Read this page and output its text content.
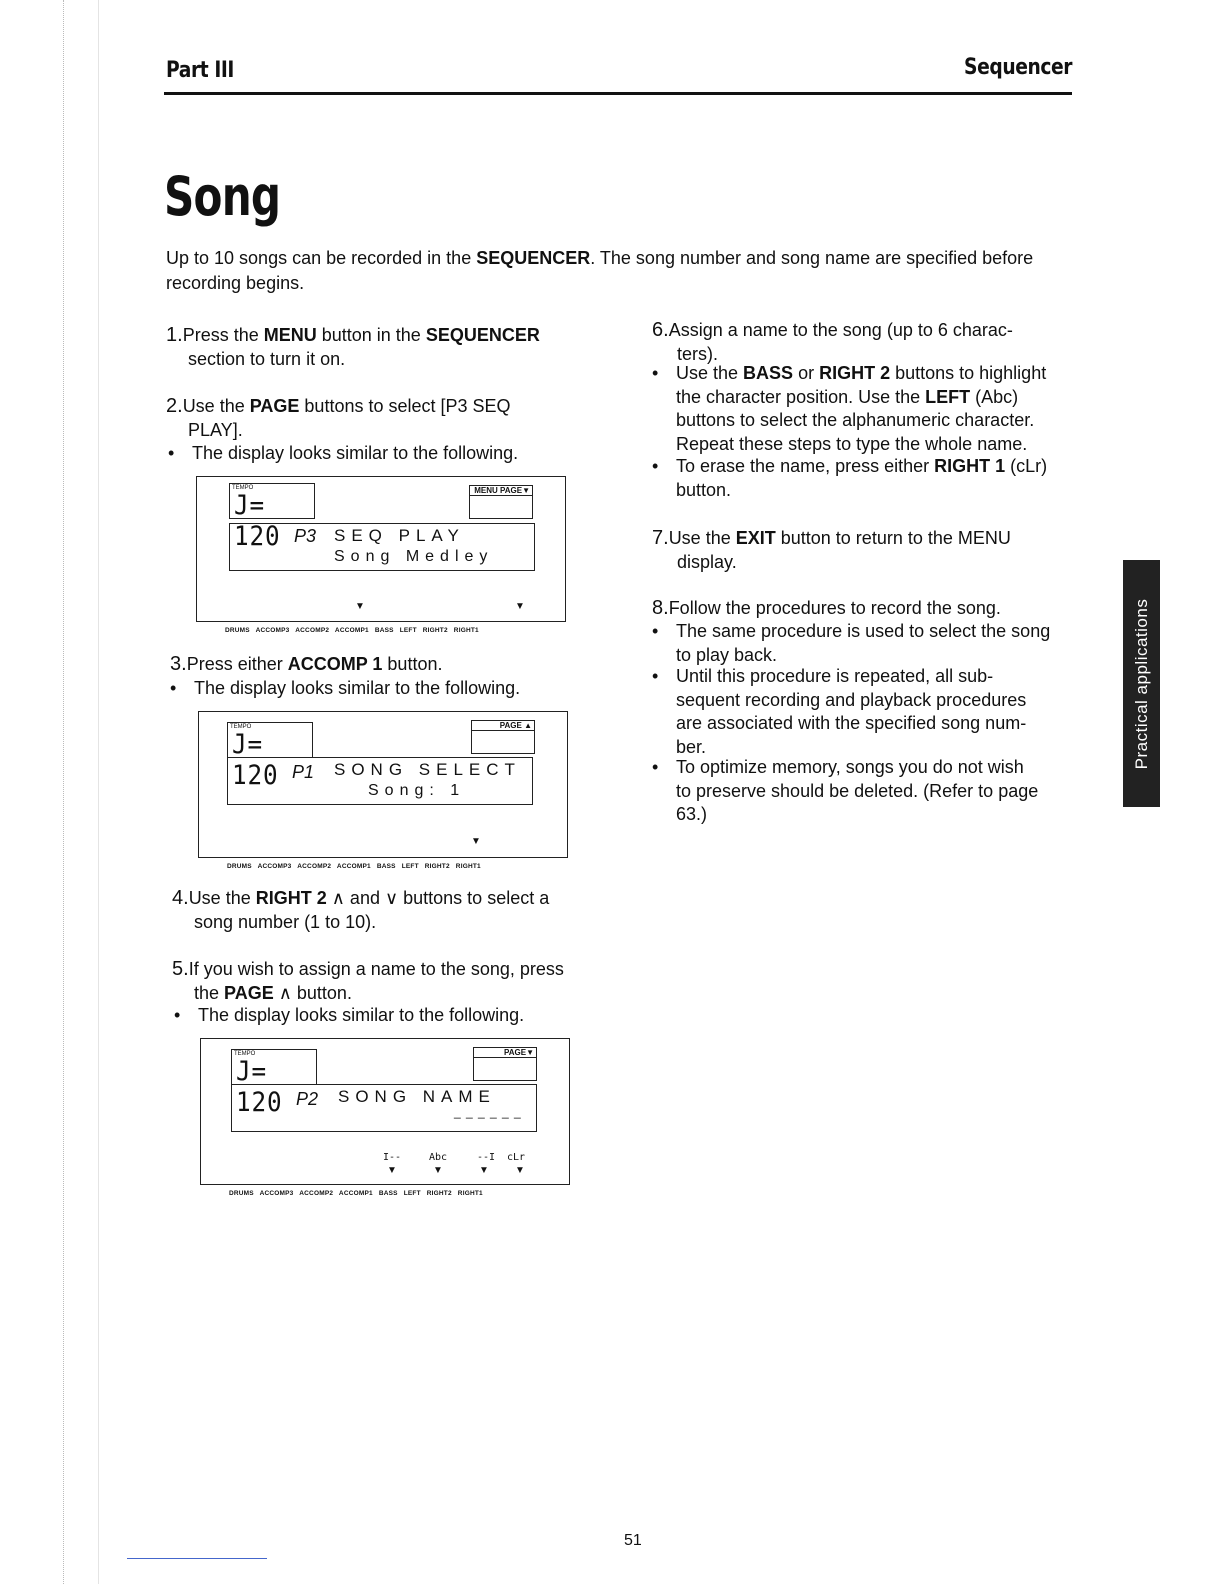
Part III	Sequencer
Song
Up to 10 songs can be recorded in the SEQUENCER. The song number and song name are specified before recording begins.
1.Press the MENU button in the SEQUENCER
section to turn it on.
2.Use the PAGE buttons to select [P3 SEQ
PLAY].
• The display looks similar to the following.
TEMPO
J= 120
MENU PAGE▼
P3 SEQ PLAY
Song Medley
▼	▼
DRUMS ACCOMP3 ACCOMP2 ACCOMP1 BASS LEFT RIGHT2 RIGHT1
3.Press either ACCOMP 1 button.
• The display looks similar to the following.
TEMPO
J= 120
PAGE ▲
P1 SONG SELECT
Song: 1
▼
DRUMS ACCOMP3 ACCOMP2 ACCOMP1 BASS LEFT RIGHT2 RIGHT1
4.Use the RIGHT 2 ∧ and ∨ buttons to select a
song number (1 to 10).
5.If you wish to assign a name to the song, press
the PAGE ∧ button.
• The display looks similar to the following.
TEMPO
J= 120
PAGE▼
P2 SONG NAME
_ _ _ _ _ _
I--	Abc	--I cLr
▼	▼	▼	▼
DRUMS ACCOMP3 ACCOMP2 ACCOMP1 BASS LEFT RIGHT2 RIGHT1
6.Assign a name to the song (up to 6 charac-
ters).
• Use the BASS or RIGHT 2 buttons to highlight
the character position. Use the LEFT (Abc)
buttons to select the alphanumeric character.
Repeat these steps to type the whole name.
• To erase the name, press either RIGHT 1 (cLr)
button.
7.Use the EXIT button to return to the MENU
display.
8.Follow the procedures to record the song.
• The same procedure is used to select the song
to play back.
• Until this procedure is repeated, all sub-
sequent recording and playback procedures
are associated with the specified song num-
ber.
• To optimize memory, songs you do not wish
to preserve should be deleted. (Refer to page
63.)
Practical applications
51
